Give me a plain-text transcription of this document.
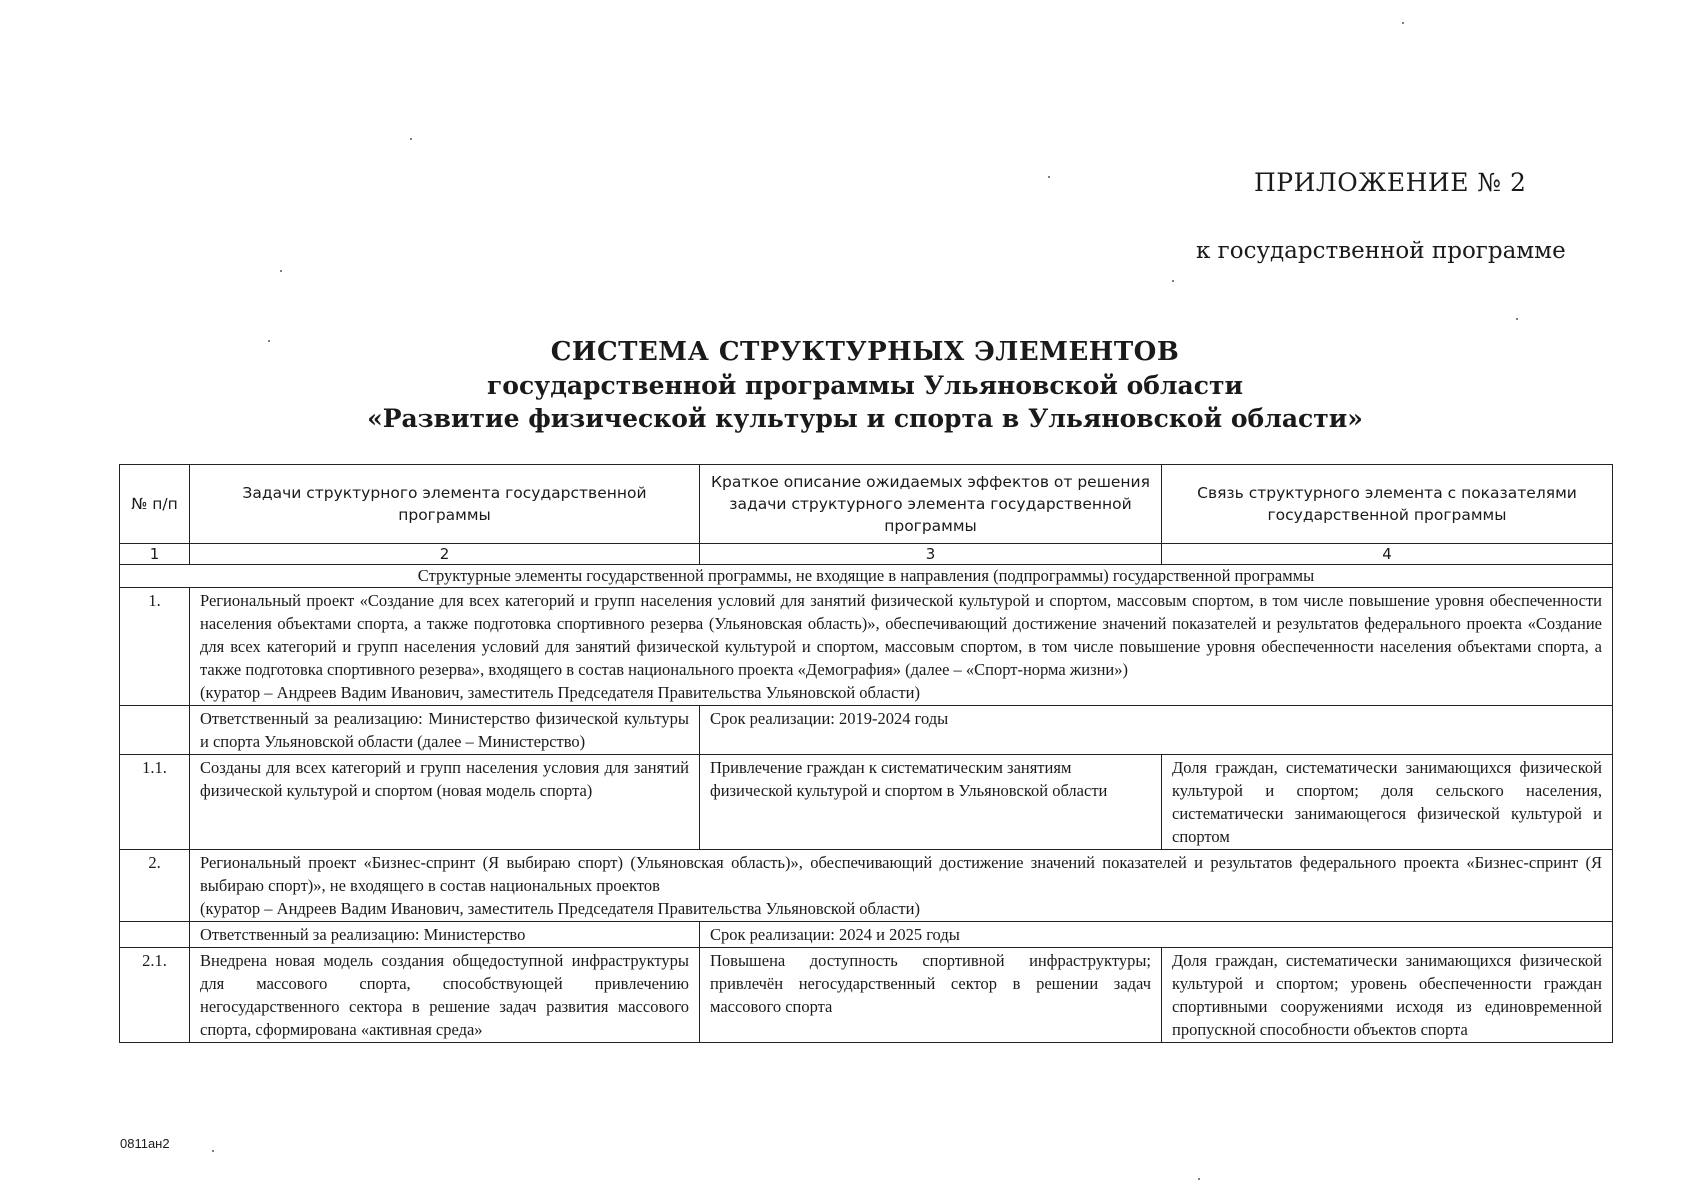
ПРИЛОЖЕНИЕ № 2
к государственной программе
СИСТЕМА СТРУКТУРНЫХ ЭЛЕМЕНТОВ
государственной программы Ульяновской области
«Развитие физической культуры и спорта в Ульяновской области»
№ п/п	Задачи структурного элемента государственной программы	Краткое описание ожидаемых эффектов от решения задачи структурного элемента государственной программы	Связь структурного элемента с показателями государственной программы
1	2	3	4
Структурные элементы государственной программы, не входящие в направления (подпрограммы) государственной программы			
1.	Региональный проект «Создание для всех категорий и групп населения условий для занятий физической культурой и спортом, массовым спортом, в том числе повышение уровня обеспеченности населения объектами спорта, а также подготовка спортивного резерва (Ульяновская область)», обеспечивающий достижение значений показателей и результатов федерального проекта «Создание для всех категорий и групп населения условий для занятий физической культурой и спортом, массовым спортом, в том числе повышение уровня обеспеченности населения объектами спорта, а также подготовка спортивного резерва», входящего в состав национального проекта «Демография» (далее – «Спорт-норма жизни»)
(куратор – Андреев Вадим Иванович, заместитель Председателя Правительства Ульяновской области)		
	Ответственный за реализацию: Министерство физической культуры и спорта Ульяновской области (далее – Министерство)	Срок реализации: 2019-2024 годы	
1.1.	Созданы для всех категорий и групп населения условия для занятий физической культурой и спортом (новая модель спорта)	Привлечение граждан к систематическим занятиям физической культурой и спортом в Ульяновской области	Доля граждан, систематически занимающихся физической культурой и спортом; доля сельского населения, систематически занимающегося физической культурой и спортом
2.	Региональный проект «Бизнес-спринт (Я выбираю спорт) (Ульяновская область)», обеспечивающий достижение значений показателей и результатов федерального проекта «Бизнес-спринт (Я выбираю спорт)», не входящего в состав национальных проектов
(куратор – Андреев Вадим Иванович, заместитель Председателя Правительства Ульяновской области)		
	Ответственный за реализацию: Министерство	Срок реализации: 2024 и 2025 годы	
2.1.	Внедрена новая модель создания общедоступной инфраструктуры для массового спорта, способствующей привлечению негосударственного сектора в решение задач развития массового спорта, сформирована «активная среда»	Повышена доступность спортивной инфраструктуры; привлечён негосударственный сектор в решении задач массового спорта	Доля граждан, систематически занимающихся физической культурой и спортом; уровень обеспеченности граждан спортивными сооружениями исходя из единовременной пропускной способности объектов спорта
0811ан2
